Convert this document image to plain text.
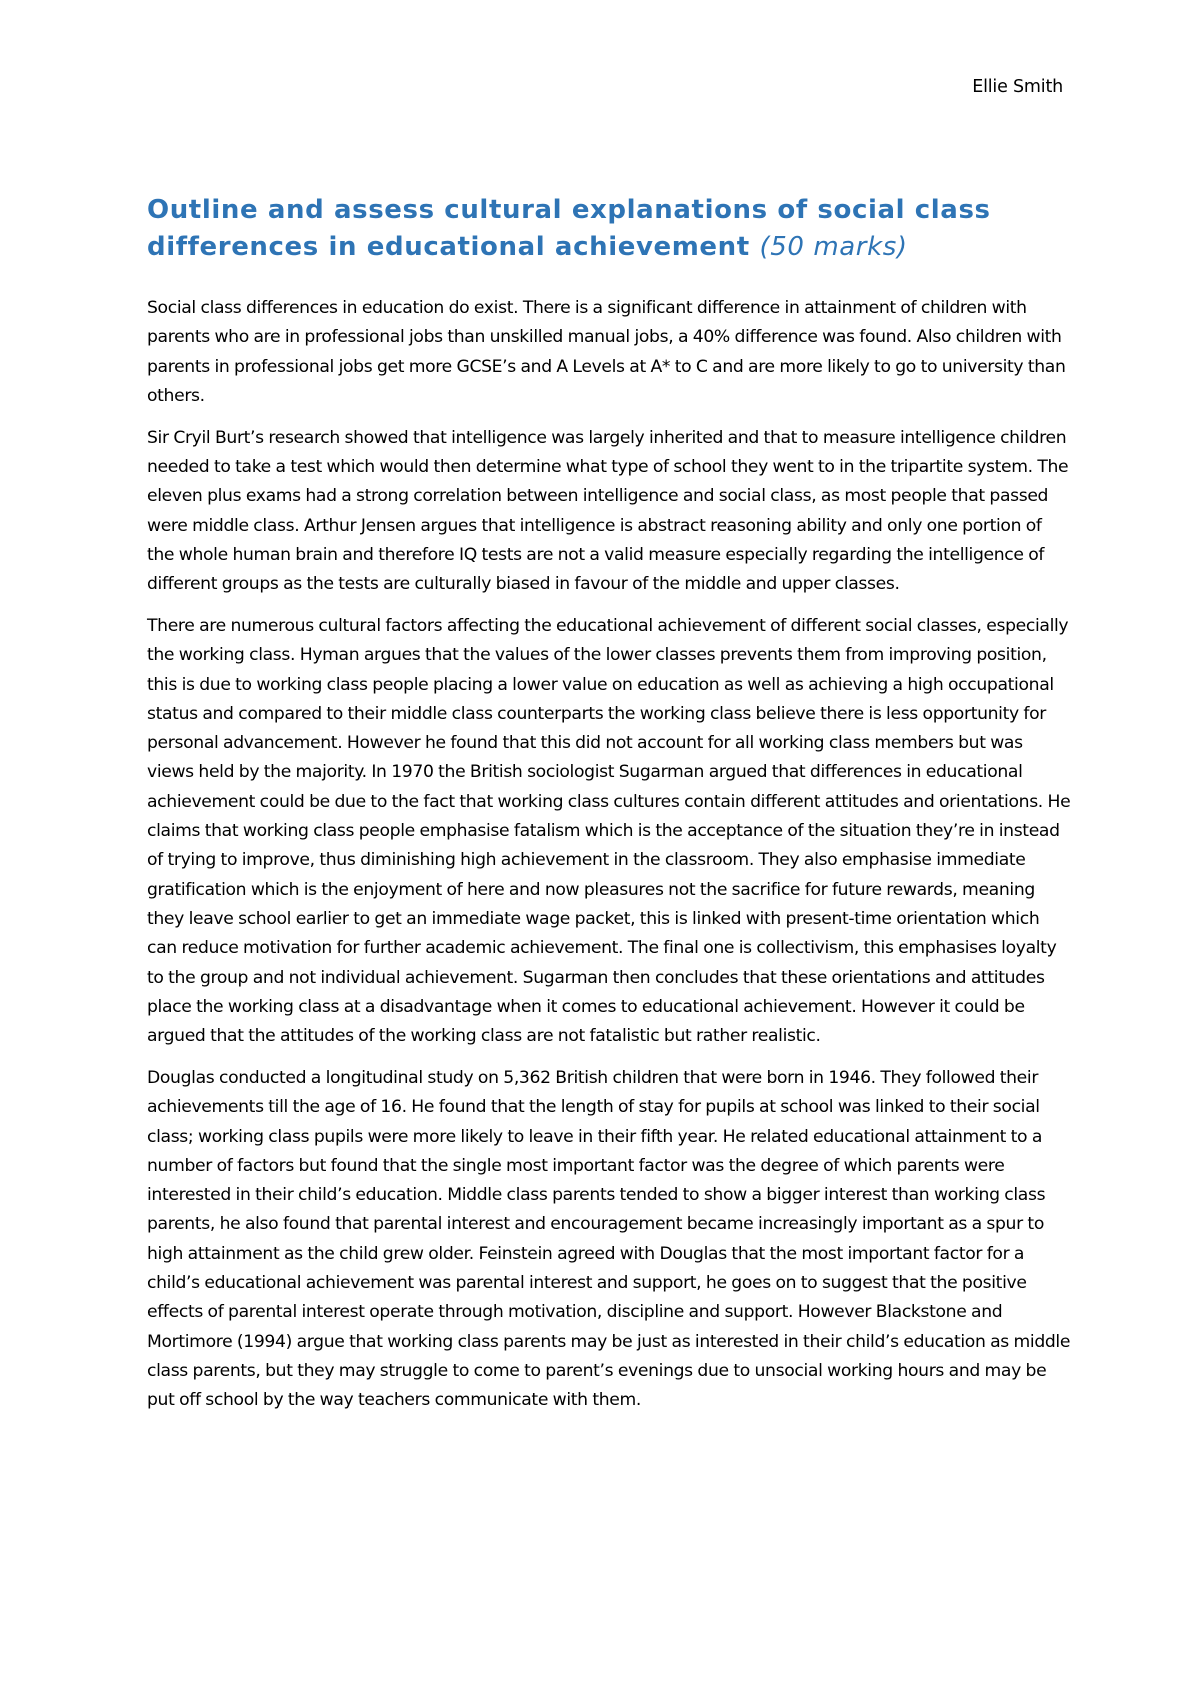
Ellie Smith
Outline and assess cultural explanations of social class differences in educational achievement (50 marks)

Social class differences in education do exist. There is a significant difference in attainment of children with parents who are in professional jobs than unskilled manual jobs, a 40% difference was found. Also children with parents in professional jobs get more GCSE’s and A Levels at A* to C and are more likely to go to university than others.

Sir Cryil Burt’s research showed that intelligence was largely inherited and that to measure intelligence children needed to take a test which would then determine what type of school they went to in the tripartite system. The eleven plus exams had a strong correlation between intelligence and social class, as most people that passed were middle class. Arthur Jensen argues that intelligence is abstract reasoning ability and only one portion of the whole human brain and therefore IQ tests are not a valid measure especially regarding the intelligence of different groups as the tests are culturally biased in favour of the middle and upper classes.

There are numerous cultural factors affecting the educational achievement of different social classes, especially the working class. Hyman argues that the values of the lower classes prevents them from improving position, this is due to working class people placing a lower value on education as well as achieving a high occupational status and compared to their middle class counterparts the working class believe there is less opportunity for personal advancement. However he found that this did not account for all working class members but was views held by the majority. In 1970 the British sociologist Sugarman argued that differences in educational achievement could be due to the fact that working class cultures contain different attitudes and orientations. He claims that working class people emphasise fatalism which is the acceptance of the situation they’re in instead of trying to improve, thus diminishing high achievement in the classroom. They also emphasise immediate gratification which is the enjoyment of here and now pleasures not the sacrifice for future rewards, meaning they leave school earlier to get an immediate wage packet, this is linked with present-time orientation which can reduce motivation for further academic achievement. The final one is collectivism, this emphasises loyalty to the group and not individual achievement. Sugarman then concludes that these orientations and attitudes place the working class at a disadvantage when it comes to educational achievement. However it could be argued that the attitudes of the working class are not fatalistic but rather realistic.

Douglas conducted a longitudinal study on 5,362 British children that were born in 1946. They followed their achievements till the age of 16. He found that the length of stay for pupils at school was linked to their social class; working class pupils were more likely to leave in their fifth year. He related educational attainment to a number of factors but found that the single most important factor was the degree of which parents were interested in their child’s education. Middle class parents tended to show a bigger interest than working class parents, he also found that parental interest and encouragement became increasingly important as a spur to high attainment as the child grew older. Feinstein agreed with Douglas that the most important factor for a child’s educational achievement was parental interest and support, he goes on to suggest that the positive effects of parental interest operate through motivation, discipline and support. However Blackstone and Mortimore (1994) argue that working class parents may be just as interested in their child’s education as middle class parents, but they may struggle to come to parent’s evenings due to unsocial working hours and may be put off school by the way teachers communicate with them.
